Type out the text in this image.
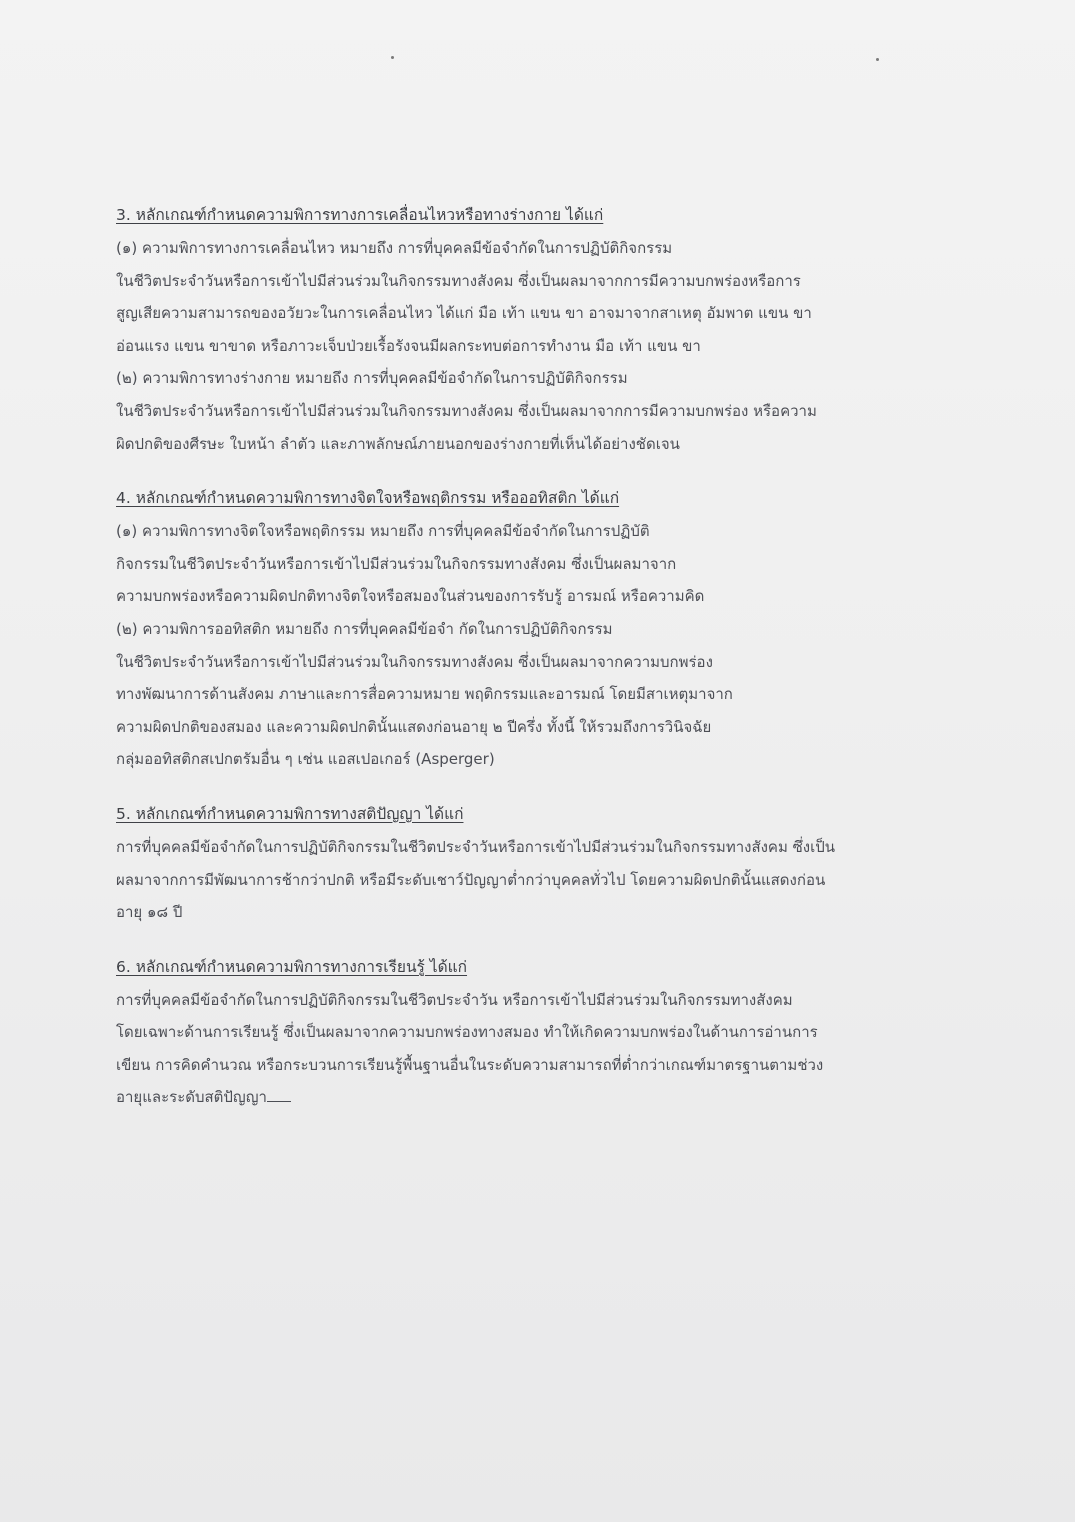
3. หลักเกณฑ์กำหนดความพิการทางการเคลื่อนไหวหรือทางร่างกาย ได้แก่
(๑) ความพิการทางการเคลื่อนไหว หมายถึง การที่บุคคลมีข้อจำกัดในการปฏิบัติกิจกรรม
ในชีวิตประจำวันหรือการเข้าไปมีส่วนร่วมในกิจกรรมทางสังคม ซึ่งเป็นผลมาจากการมีความบกพร่องหรือการ
สูญเสียความสามารถของอวัยวะในการเคลื่อนไหว ได้แก่ มือ เท้า แขน ขา อาจมาจากสาเหตุ อัมพาต แขน ขา
อ่อนแรง แขน ขาขาด หรือภาวะเจ็บป่วยเรื้อรังจนมีผลกระทบต่อการทำงาน มือ เท้า แขน ขา
(๒) ความพิการทางร่างกาย หมายถึง การที่บุคคลมีข้อจำกัดในการปฏิบัติกิจกรรม
ในชีวิตประจำวันหรือการเข้าไปมีส่วนร่วมในกิจกรรมทางสังคม ซึ่งเป็นผลมาจากการมีความบกพร่อง หรือความ
ผิดปกติของศีรษะ ใบหน้า ลำตัว และภาพลักษณ์ภายนอกของร่างกายที่เห็นได้อย่างชัดเจน
4. หลักเกณฑ์กำหนดความพิการทางจิตใจหรือพฤติกรรม หรือออทิสติก ได้แก่
(๑) ความพิการทางจิตใจหรือพฤติกรรม หมายถึง การที่บุคคลมีข้อจำกัดในการปฏิบัติ
กิจกรรมในชีวิตประจำวันหรือการเข้าไปมีส่วนร่วมในกิจกรรมทางสังคม ซึ่งเป็นผลมาจาก
ความบกพร่องหรือความผิดปกติทางจิตใจหรือสมองในส่วนของการรับรู้ อารมณ์ หรือความคิด
(๒) ความพิการออทิสติก หมายถึง การที่บุคคลมีข้อจำ กัดในการปฏิบัติกิจกรรม
ในชีวิตประจำวันหรือการเข้าไปมีส่วนร่วมในกิจกรรมทางสังคม ซึ่งเป็นผลมาจากความบกพร่อง
ทางพัฒนาการด้านสังคม ภาษาและการสื่อความหมาย พฤติกรรมและอารมณ์ โดยมีสาเหตุมาจาก
ความผิดปกติของสมอง และความผิดปกตินั้นแสดงก่อนอายุ ๒ ปีครึ่ง ทั้งนี้ ให้รวมถึงการวินิจฉัย
กลุ่มออทิสติกสเปกตรัมอื่น ๆ เช่น แอสเปอเกอร์ (Asperger)
5. หลักเกณฑ์กำหนดความพิการทางสติปัญญา ได้แก่
การที่บุคคลมีข้อจำกัดในการปฏิบัติกิจกรรมในชีวิตประจำวันหรือการเข้าไปมีส่วนร่วมในกิจกรรมทางสังคม ซึ่งเป็น
ผลมาจากการมีพัฒนาการช้ากว่าปกติ หรือมีระดับเชาว์ปัญญาต่ำกว่าบุคคลทั่วไป โดยความผิดปกตินั้นแสดงก่อน
อายุ ๑๘ ปี
6. หลักเกณฑ์กำหนดความพิการทางการเรียนรู้ ได้แก่
การที่บุคคลมีข้อจำกัดในการปฏิบัติกิจกรรมในชีวิตประจำวัน หรือการเข้าไปมีส่วนร่วมในกิจกรรมทางสังคม
โดยเฉพาะด้านการเรียนรู้ ซึ่งเป็นผลมาจากความบกพร่องทางสมอง ทำให้เกิดความบกพร่องในด้านการอ่านการ
เขียน การคิดคำนวณ หรือกระบวนการเรียนรู้พื้นฐานอื่นในระดับความสามารถที่ต่ำกว่าเกณฑ์มาตรฐานตามช่วง
อายุและระดับสติปัญญา
